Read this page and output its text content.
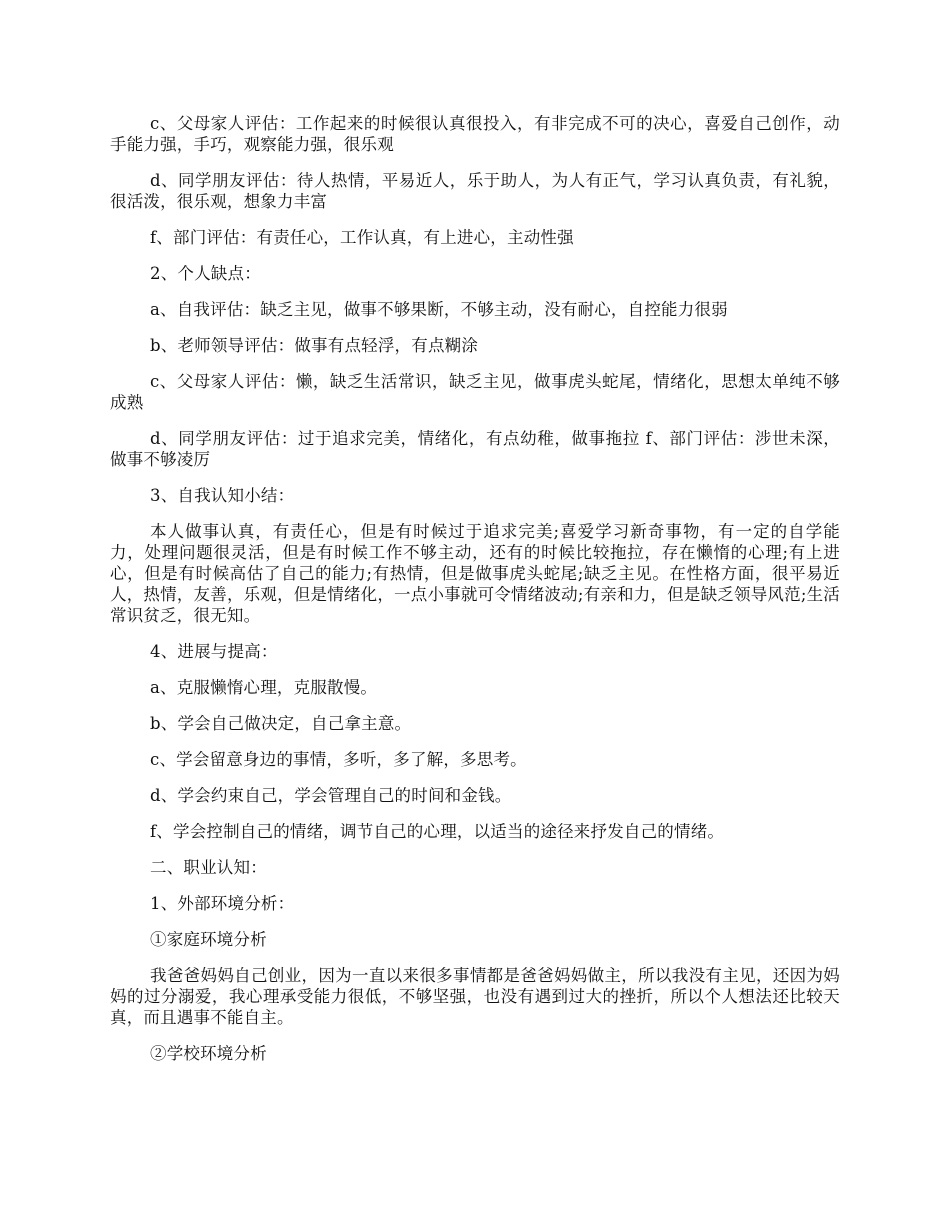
c、父母家人评估：工作起来的时候很认真很投入，有非完成不可的决心，喜爱自己创作，动手能力强，手巧，观察能力强，很乐观

d、同学朋友评估：待人热情，平易近人，乐于助人，为人有正气，学习认真负责，有礼貌，很活泼，很乐观，想象力丰富

f、部门评估：有责任心，工作认真，有上进心，主动性强

2、个人缺点：

a、自我评估：缺乏主见，做事不够果断，不够主动，没有耐心，自控能力很弱

b、老师领导评估：做事有点轻浮，有点糊涂

c、父母家人评估：懒，缺乏生活常识，缺乏主见，做事虎头蛇尾，情绪化，思想太单纯不够成熟

d、同学朋友评估：过于追求完美，情绪化，有点幼稚，做事拖拉 f、部门评估：涉世未深，做事不够凌厉

3、自我认知小结：

本人做事认真，有责任心，但是有时候过于追求完美;喜爱学习新奇事物，有一定的自学能力，处理问题很灵活，但是有时候工作不够主动，还有的时候比较拖拉，存在懒惰的心理;有上进心，但是有时候高估了自己的能力;有热情，但是做事虎头蛇尾;缺乏主见。在性格方面，很平易近人，热情，友善，乐观，但是情绪化，一点小事就可令情绪波动;有亲和力，但是缺乏领导风范;生活常识贫乏，很无知。

4、进展与提高：

a、克服懒惰心理，克服散慢。

b、学会自己做决定，自己拿主意。

c、学会留意身边的事情，多听，多了解，多思考。

d、学会约束自己，学会管理自己的时间和金钱。

f、学会控制自己的情绪，调节自己的心理，以适当的途径来抒发自己的情绪。

二、职业认知：

1、外部环境分析：

①家庭环境分析

我爸爸妈妈自己创业，因为一直以来很多事情都是爸爸妈妈做主，所以我没有主见，还因为妈妈的过分溺爱，我心理承受能力很低，不够坚强，也没有遇到过大的挫折，所以个人想法还比较天真，而且遇事不能自主。

②学校环境分析
